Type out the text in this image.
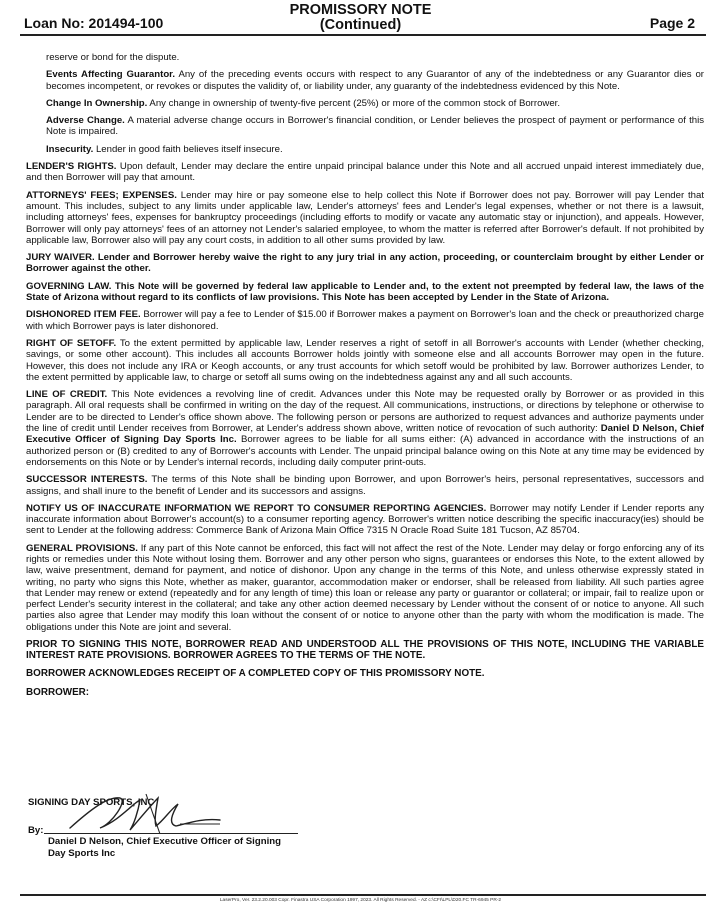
Loan No: 201494-100
PROMISSORY NOTE
(Continued)	Page 2

reserve or bond for the dispute.

Events Affecting Guarantor. Any of the preceding events occurs with respect to any Guarantor of any of the indebtedness or any Guarantor dies or becomes incompetent, or revokes or disputes the validity of, or liability under, any guaranty of the indebtedness evidenced by this Note.

Change In Ownership. Any change in ownership of twenty-five percent (25%) or more of the common stock of Borrower.

Adverse Change. A material adverse change occurs in Borrower's financial condition, or Lender believes the prospect of payment or performance of this Note is impaired.

Insecurity. Lender in good faith believes itself insecure.

LENDER'S RIGHTS. Upon default, Lender may declare the entire unpaid principal balance under this Note and all accrued unpaid interest immediately due, and then Borrower will pay that amount.

ATTORNEYS' FEES; EXPENSES. Lender may hire or pay someone else to help collect this Note if Borrower does not pay. Borrower will pay Lender that amount. This includes, subject to any limits under applicable law, Lender's attorneys' fees and Lender's legal expenses, whether or not there is a lawsuit, including attorneys' fees, expenses for bankruptcy proceedings (including efforts to modify or vacate any automatic stay or injunction), and appeals. However, Borrower will only pay attorneys' fees of an attorney not Lender's salaried employee, to whom the matter is referred after Borrower's default. If not prohibited by applicable law, Borrower also will pay any court costs, in addition to all other sums provided by law.

JURY WAIVER. Lender and Borrower hereby waive the right to any jury trial in any action, proceeding, or counterclaim brought by either Lender or Borrower against the other.

GOVERNING LAW. This Note will be governed by federal law applicable to Lender and, to the extent not preempted by federal law, the laws of the State of Arizona without regard to its conflicts of law provisions. This Note has been accepted by Lender in the State of Arizona.

DISHONORED ITEM FEE. Borrower will pay a fee to Lender of $15.00 if Borrower makes a payment on Borrower's loan and the check or preauthorized charge with which Borrower pays is later dishonored.

RIGHT OF SETOFF. To the extent permitted by applicable law, Lender reserves a right of setoff in all Borrower's accounts with Lender (whether checking, savings, or some other account). This includes all accounts Borrower holds jointly with someone else and all accounts Borrower may open in the future. However, this does not include any IRA or Keogh accounts, or any trust accounts for which setoff would be prohibited by law. Borrower authorizes Lender, to the extent permitted by applicable law, to charge or setoff all sums owing on the indebtedness against any and all such accounts.

LINE OF CREDIT. This Note evidences a revolving line of credit. Advances under this Note may be requested orally by Borrower or as provided in this paragraph. All oral requests shall be confirmed in writing on the day of the request. All communications, instructions, or directions by telephone or otherwise to Lender are to be directed to Lender's office shown above. The following person or persons are authorized to request advances and authorize payments under the line of credit until Lender receives from Borrower, at Lender's address shown above, written notice of revocation of such authority: Daniel D Nelson, Chief Executive Officer of Signing Day Sports Inc. Borrower agrees to be liable for all sums either: (A) advanced in accordance with the instructions of an authorized person or (B) credited to any of Borrower's accounts with Lender. The unpaid principal balance owing on this Note at any time may be evidenced by endorsements on this Note or by Lender's internal records, including daily computer print-outs.

SUCCESSOR INTERESTS. The terms of this Note shall be binding upon Borrower, and upon Borrower's heirs, personal representatives, successors and assigns, and shall inure to the benefit of Lender and its successors and assigns.

NOTIFY US OF INACCURATE INFORMATION WE REPORT TO CONSUMER REPORTING AGENCIES. Borrower may notify Lender if Lender reports any inaccurate information about Borrower's account(s) to a consumer reporting agency. Borrower's written notice describing the specific inaccuracy(ies) should be sent to Lender at the following address: Commerce Bank of Arizona Main Office 7315 N Oracle Road Suite 181 Tucson, AZ 85704.

GENERAL PROVISIONS. If any part of this Note cannot be enforced, this fact will not affect the rest of the Note. Lender may delay or forgo enforcing any of its rights or remedies under this Note without losing them. Borrower and any other person who signs, guarantees or endorses this Note, to the extent allowed by law, waive presentment, demand for payment, and notice of dishonor. Upon any change in the terms of this Note, and unless otherwise expressly stated in writing, no party who signs this Note, whether as maker, guarantor, accommodation maker or endorser, shall be released from liability. All such parties agree that Lender may renew or extend (repeatedly and for any length of time) this loan or release any party or guarantor or collateral; or impair, fail to realize upon or perfect Lender's security interest in the collateral; and take any other action deemed necessary by Lender without the consent of or notice to anyone. All such parties also agree that Lender may modify this loan without the consent of or notice to anyone other than the party with whom the modification is made. The obligations under this Note are joint and several.

PRIOR TO SIGNING THIS NOTE, BORROWER READ AND UNDERSTOOD ALL THE PROVISIONS OF THIS NOTE, INCLUDING THE VARIABLE INTEREST RATE PROVISIONS. BORROWER AGREES TO THE TERMS OF THE NOTE.

BORROWER ACKNOWLEDGES RECEIPT OF A COMPLETED COPY OF THIS PROMISSORY NOTE.

BORROWER:

SIGNING DAY SPORTS, INC
By:
Daniel D Nelson, Chief Executive Officer of Signing
Day Sports Inc
LaserPro, Ver. 23.2.20.003 Copr. Finastra USA Corporation 1997, 2023. All Rights Reserved. - AZ c:\CFI\LPL\D20.FC TR-6945 PR-2
